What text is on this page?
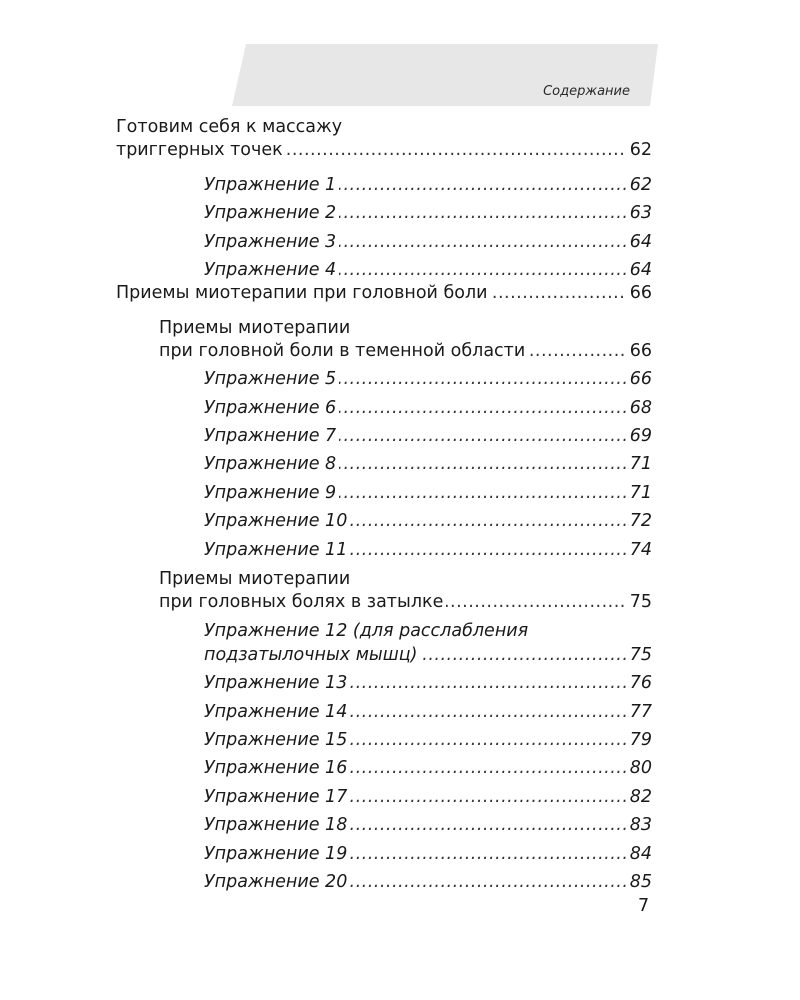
Содержание
Готовим себя к массажу
.....
триггерных точек	62
.....
Упражнение 1	62
.....
Упражнение 2	63
.....
Упражнение 3	64
.....
Упражнение 4	64
.....
Приемы миотерапии при головной боли	66
Приемы миотерапии
.....
при головной боли в теменной области	66
.....
Упражнение 5	66
.....
Упражнение 6	68
.....
Упражнение 7	69
.....
Упражнение 8	71
.....
Упражнение 9	71
.....
Упражнение 10	72
.....
Упражнение 11	74
Приемы миотерапии
.....
при головных болях в затылке	75
Упражнение 12 (для расслабления
.....
подзатылочных мышц)	75
.....
Упражнение 13	76
.....
Упражнение 14	77
.....
Упражнение 15	79
.....
Упражнение 16	80
.....
Упражнение 17	82
.....
Упражнение 18	83
.....
Упражнение 19	84
.....
Упражнение 20	85
7
